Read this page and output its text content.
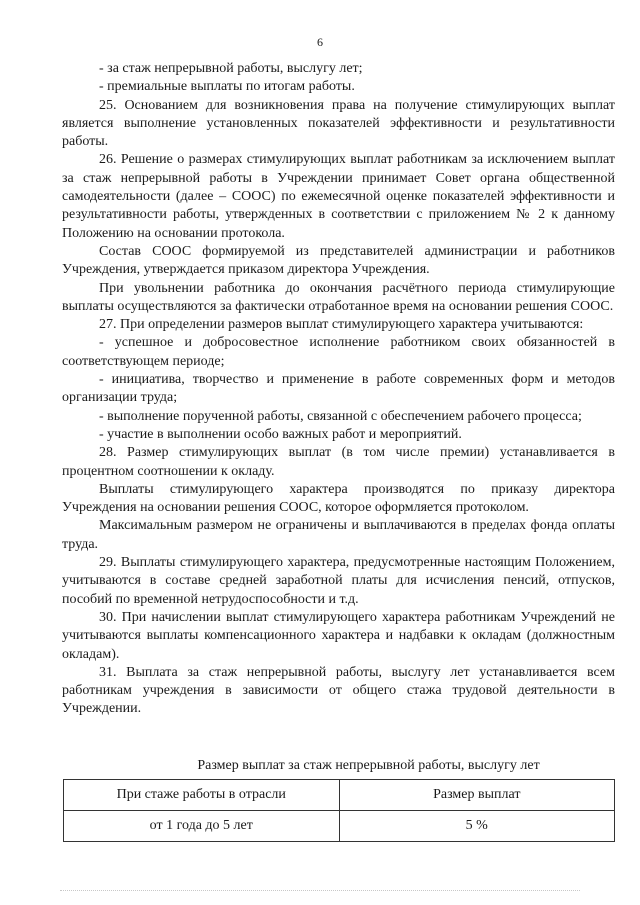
6

- за стаж непрерывной работы, выслугу лет;

- премиальные выплаты по итогам работы.

25. Основанием для возникновения права на получение стимулирующих выплат является выполнение установленных показателей эффективности и результативности работы.

26. Решение о размерах стимулирующих выплат работникам за исключением выплат за стаж непрерывной работы в Учреждении принимает Совет органа общественной самодеятельности (далее – СООС) по ежемесячной оценке показателей эффективности и результативности работы, утвержденных в соответствии с приложением № 2 к данному Положению на основании протокола.

Состав СООС формируемой из представителей администрации и работников Учреждения, утверждается приказом директора Учреждения.

При увольнении работника до окончания расчётного периода стимулирующие выплаты осуществляются за фактически отработанное время на основании решения СООС.

27. При определении размеров выплат стимулирующего характера учитываются:

- успешное и добросовестное исполнение работником своих обязанностей в соответствующем периоде;

- инициатива, творчество и применение в работе современных форм и методов организации труда;

- выполнение порученной работы, связанной с обеспечением рабочего процесса;

- участие в выполнении особо важных работ и мероприятий.

28. Размер стимулирующих выплат (в том числе премии) устанавливается в процентном соотношении к окладу.

Выплаты стимулирующего характера производятся по приказу директора Учреждения на основании решения СООС, которое оформляется протоколом.

Максимальным размером не ограничены и выплачиваются в пределах фонда оплаты труда.

29. Выплаты стимулирующего характера, предусмотренные настоящим Положением, учитываются в составе средней заработной платы для исчисления пенсий, отпусков, пособий по временной нетрудоспособности и т.д.

30. При начислении выплат стимулирующего характера работникам Учреждений не учитываются выплаты компенсационного характера и надбавки к окладам (должностным окладам).

31. Выплата за стаж непрерывной работы, выслугу лет устанавливается всем работникам учреждения в зависимости от общего стажа трудовой деятельности в Учреждении.

Размер выплат за стаж непрерывной работы, выслугу лет
При стаже работы в отрасли	Размер выплат
от 1 года до 5 лет	5 %
